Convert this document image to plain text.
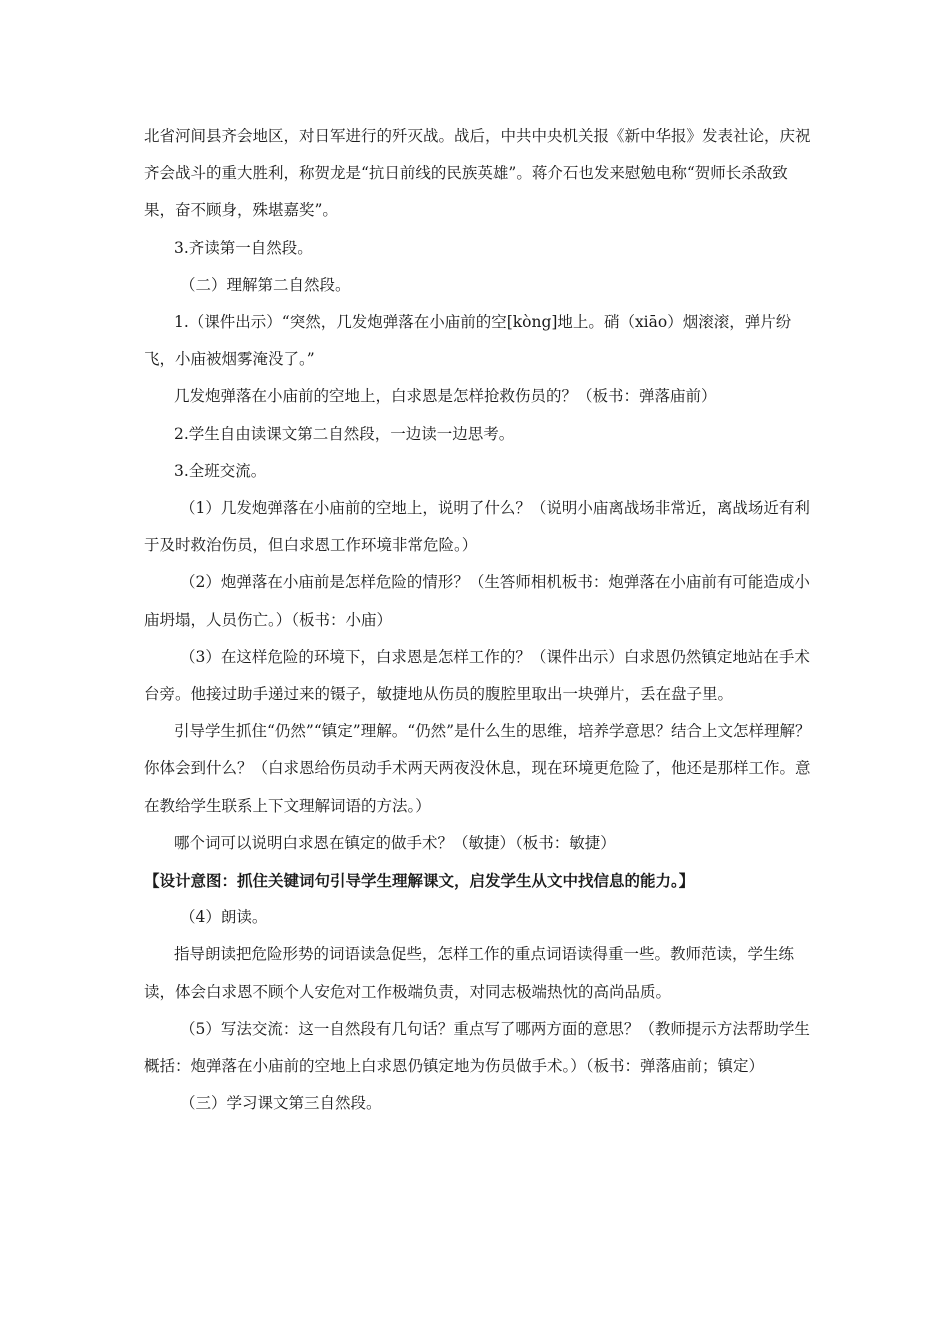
北省河间县齐会地区，对日军进行的歼灭战。战后，中共中央机关报《新中华报》发表社论，庆祝齐会战斗的重大胜利，称贺龙是“抗日前线的民族英雄”。蒋介石也发来慰勉电称“贺师长杀敌致果，奋不顾身，殊堪嘉奖”。

3.齐读第一自然段。

（二）理解第二自然段。

1.（课件出示）“突然，几发炮弹落在小庙前的空[kòng]地上。硝（xiāo）烟滚滚，弹片纷飞，小庙被烟雾淹没了。”

几发炮弹落在小庙前的空地上，白求恩是怎样抢救伤员的？（板书：弹落庙前）

2.学生自由读课文第二自然段，一边读一边思考。

3.全班交流。

（1）几发炮弹落在小庙前的空地上，说明了什么？（说明小庙离战场非常近，离战场近有利于及时救治伤员，但白求恩工作环境非常危险。）

（2）炮弹落在小庙前是怎样危险的情形？（生答师相机板书：炮弹落在小庙前有可能造成小庙坍塌，人员伤亡。）（板书：小庙）

（3）在这样危险的环境下，白求恩是怎样工作的？（课件出示）白求恩仍然镇定地站在手术台旁。他接过助手递过来的镊子，敏捷地从伤员的腹腔里取出一块弹片，丢在盘子里。

引导学生抓住“仍然”“镇定”理解。“仍然”是什么生的思维，培养学意思？结合上文怎样理解？你体会到什么？（白求恩给伤员动手术两天两夜没休息，现在环境更危险了，他还是那样工作。意在教给学生联系上下文理解词语的方法。）

哪个词可以说明白求恩在镇定的做手术？（敏捷）（板书：敏捷）

【设计意图：抓住关键词句引导学生理解课文，启发学生从文中找信息的能力。】

（4）朗读。

指导朗读把危险形势的词语读急促些，怎样工作的重点词语读得重一些。教师范读，学生练读，体会白求恩不顾个人安危对工作极端负责，对同志极端热忱的高尚品质。

（5）写法交流：这一自然段有几句话？重点写了哪两方面的意思？（教师提示方法帮助学生概括：炮弹落在小庙前的空地上白求恩仍镇定地为伤员做手术。）（板书：弹落庙前；镇定）

（三）学习课文第三自然段。
